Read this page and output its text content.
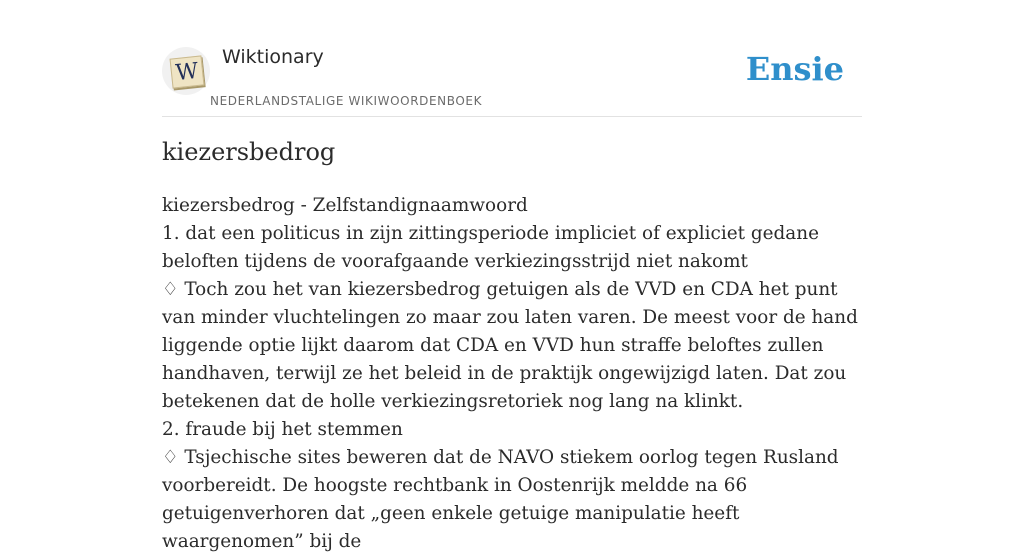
W
Wiktionary
NEDERLANDSTALIGE WIKIWOORDENBOEK
Ensie
kiezersbedrog
kiezersbedrog - Zelfstandignaamwoord
1. dat een politicus in zijn zittingsperiode impliciet of expliciet gedane beloften tijdens de voorafgaande verkiezingsstrijd niet nakomt
♢ Toch zou het van kiezersbedrog getuigen als de VVD en CDA het punt van minder vluchtelingen zo maar zou laten varen. De meest voor de hand liggende optie lijkt daarom dat CDA en VVD hun straffe beloftes zullen handhaven, terwijl ze het beleid in de praktijk ongewijzigd laten. Dat zou betekenen dat de holle verkiezingsretoriek nog lang na klinkt.
2. fraude bij het stemmen
♢ Tsjechische sites beweren dat de NAVO stiekem oorlog tegen Rusland voorbereidt. De hoogste rechtbank in Oostenrijk meldde na 66 getuigenverhoren dat „geen enkele getuige manipulatie heeft waargenomen” bij de
